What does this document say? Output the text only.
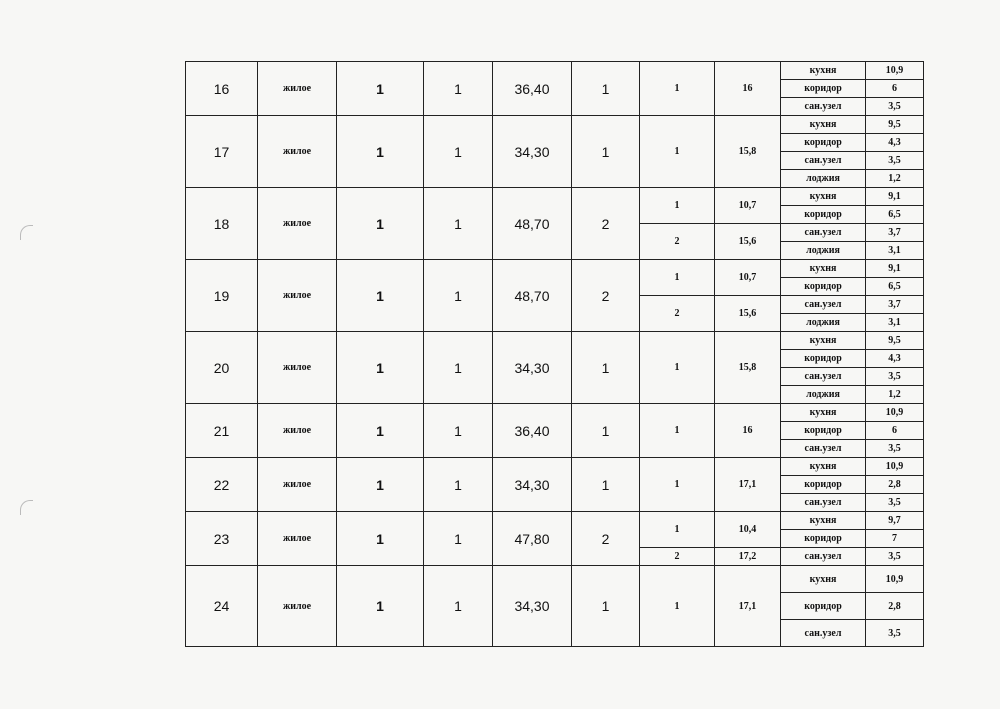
16	жилое	1	1	36,40	1	1	16	кухня	10,9
								коридор	6
								сан.узел	3,5
17	жилое	1	1	34,30	1	1	15,8	кухня	9,5
								коридор	4,3
								сан.узел	3,5
								лоджия	1,2
18	жилое	1	1	48,70	2	1	10,7	кухня	9,1
								коридор	6,5
						2	15,6	сан.узел	3,7
								лоджия	3,1
19	жилое	1	1	48,70	2	1	10,7	кухня	9,1
								коридор	6,5
						2	15,6	сан.узел	3,7
								лоджия	3,1
20	жилое	1	1	34,30	1	1	15,8	кухня	9,5
								коридор	4,3
								сан.узел	3,5
								лоджия	1,2
21	жилое	1	1	36,40	1	1	16	кухня	10,9
								коридор	6
								сан.узел	3,5
22	жилое	1	1	34,30	1	1	17,1	кухня	10,9
								коридор	2,8
								сан.узел	3,5
23	жилое	1	1	47,80	2	1	10,4	кухня	9,7
								коридор	7
						2	17,2	сан.узел	3,5
24	жилое	1	1	34,30	1	1	17,1	кухня	10,9
								коридор	2,8
								сан.узел	3,5
